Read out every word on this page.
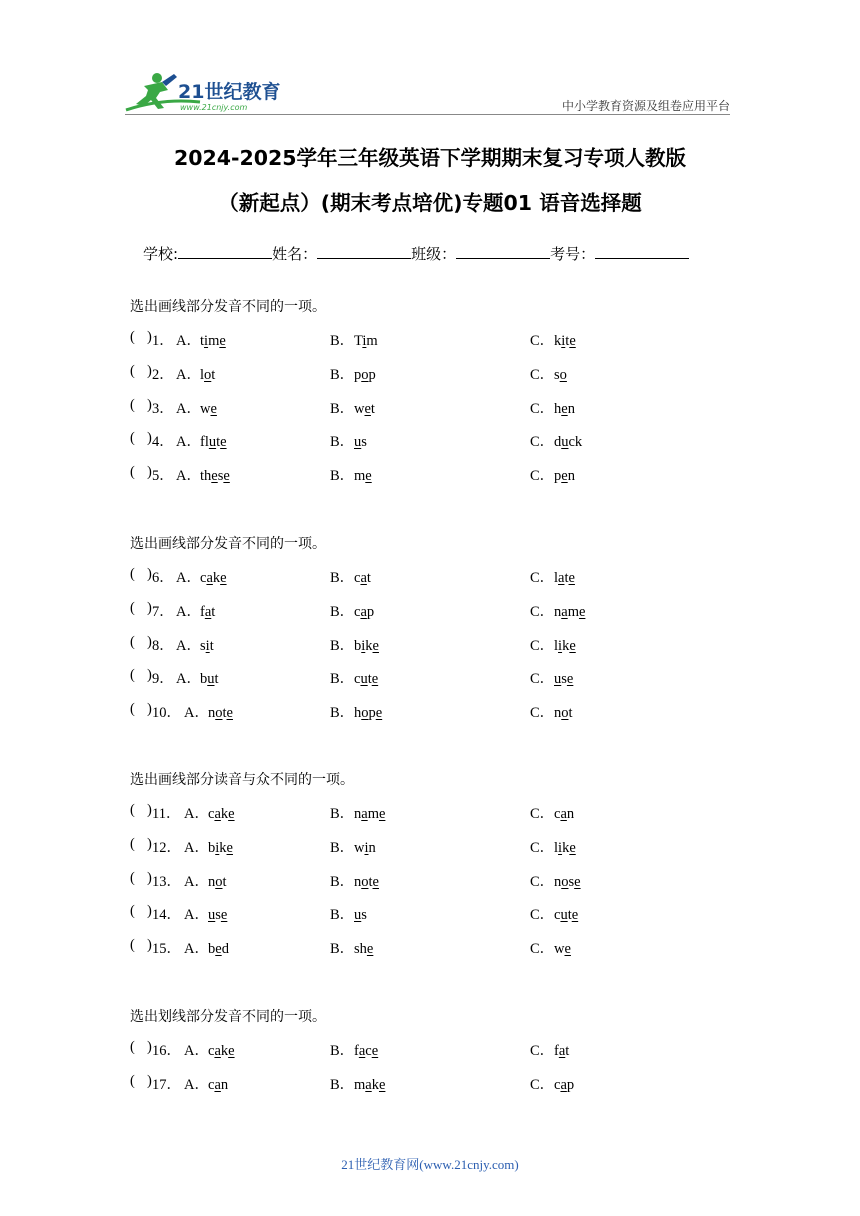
21世纪教育
www.21cnjy.com	中小学教育资源及组卷应用平台
2024-2025学年三年级英语下学期期末复习专项人教版
（新起点）(期末考点培优)专题01 语音选择题
学校:	姓名：	班级：	考号：
选出画线部分发音不同的一项。
( ) 1． A．time	B．Tim	C．kite
( ) 2． A．lot	B．pop	C．so
( ) 3． A．we	B．wet	C．hen
( ) 4． A．flute	B．us	C．duck
( ) 5． A．these	B．me	C．pen
选出画线部分发音不同的一项。
( ) 6． A．cake	B．cat	C．late
( ) 7． A．fat	B．cap	C．name
( ) 8． A．sit	B．bike	C．like
( ) 9． A．but	B．cute	C．use
( ) 10． A．note	B．hope	C．not
选出画线部分读音与众不同的一项。
( ) 11． A．cake	B．name	C．can
( ) 12． A．bike	B．win	C．like
( ) 13． A．not	B．note	C．nose
( ) 14． A．use	B．us	C．cute
( ) 15． A．bed	B．she	C．we
选出划线部分发音不同的一项。
( ) 16． A．cake	B．face	C．fat
( ) 17． A．can	B．make	C．cap
21世纪教育网(www.21cnjy.com)
